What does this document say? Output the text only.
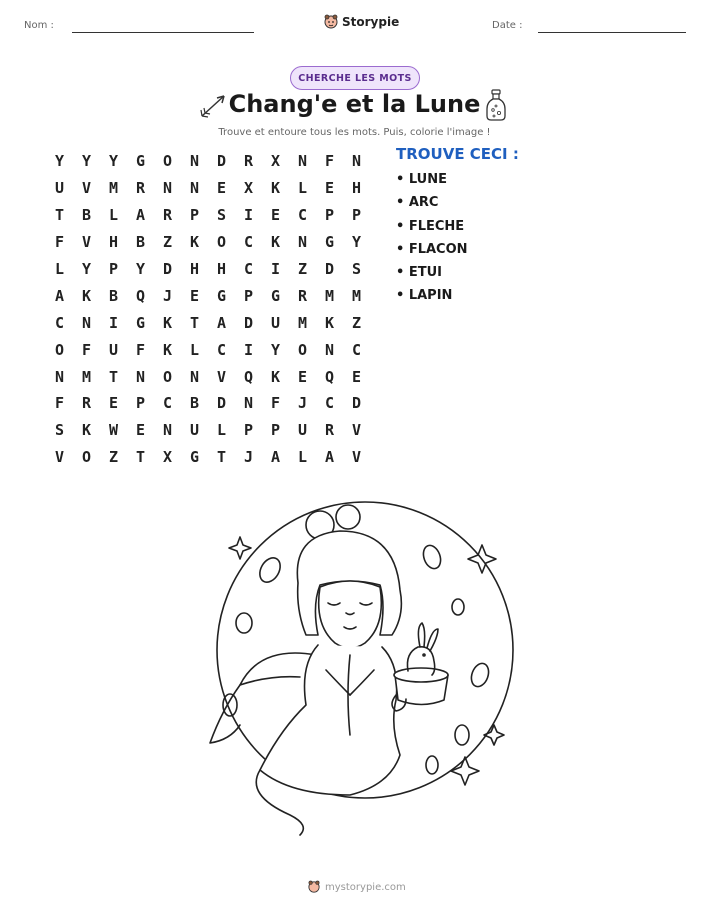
Nom :	Storypie	Date :
CHERCHE LES MOTS
Chang'e et la Lune
Trouve et entoure tous les mots. Puis, colorie l'image !
Y	Y	Y	G	O	N	D	R	X	N	F	N
U	V	M	R	N	N	E	X	K	L	E	H
T	B	L	A	R	P	S	I	E	C	P	P
F	V	H	B	Z	K	O	C	K	N	G	Y
L	Y	P	Y	D	H	H	C	I	Z	D	S
A	K	B	Q	J	E	G	P	G	R	M	M
C	N	I	G	K	T	A	D	U	M	K	Z
O	F	U	F	K	L	C	I	Y	O	N	C
N	M	T	N	O	N	V	Q	K	E	Q	E
F	R	E	P	C	B	D	N	F	J	C	D
S	K	W	E	N	U	L	P	P	U	R	V
V	O	Z	T	X	G	T	J	A	L	A	V
TROUVE CECI :
• LUNE
• ARC
• FLECHE
• FLACON
• ETUI
• LAPIN
mystorypie.com
